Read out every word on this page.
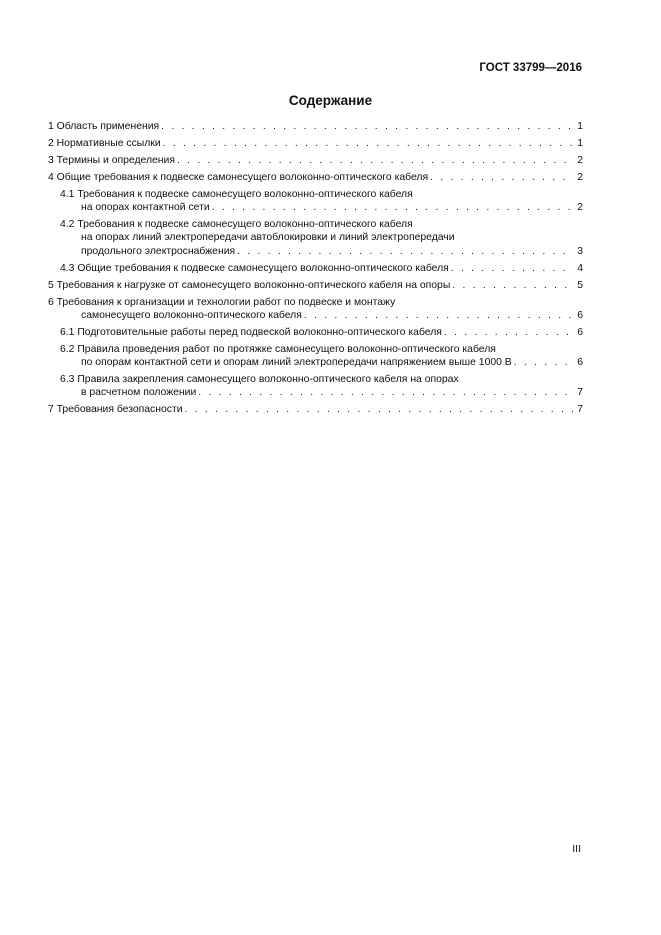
ГОСТ 33799—2016
Содержание
1 Область применения . . .	1
2 Нормативные ссылки . . .	1
3 Термины и определения . . .	2
4 Общие требования к подвеске самонесущего волоконно-оптического кабеля . . .	2
4.1 Требования к подвеске самонесущего волоконно-оптического кабеля
на опорах контактной сети . . .	2
4.2 Требования к подвеске самонесущего волоконно-оптического кабеля
на опорах линий электропередачи автоблокировки и линий электропередачи
продольного электроснабжения . . .	3
4.3 Общие требования к подвеске самонесущего волоконно-оптического кабеля . . .	4
5 Требования к нагрузке от самонесущего волоконно-оптического кабеля на опоры . . .	5
6 Требования к организации и технологии работ по подвеске и монтажу
самонесущего волоконно-оптического кабеля . . .	6
6.1 Подготовительные работы перед подвеской волоконно-оптического кабеля . . .	6
6.2 Правила проведения работ по протяжке самонесущего волоконно-оптического кабеля
по опорам контактной сети и опорам линий электропередачи напряжением выше 1000 В . . .	6
6.3 Правила закрепления самонесущего волоконно-оптического кабеля на опорах
в расчетном положении . . .	7
7 Требования безопасности . . .	7
III
